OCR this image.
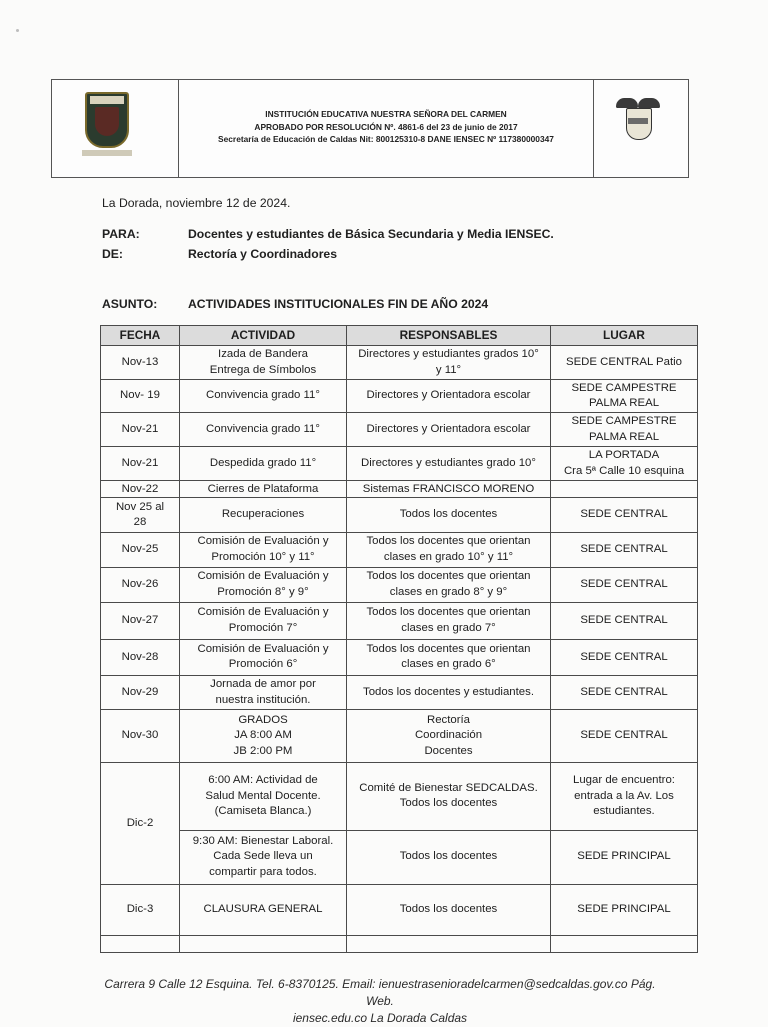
INSTITUCIÓN EDUCATIVA NUESTRA SEÑORA DEL CARMEN
APROBADO POR RESOLUCIÓN Nº. 4861-6 del 23 de junio de 2017
Secretaría de Educación de Caldas Nit: 800125310-8 DANE IENSEC Nº 117380000347
La Dorada, noviembre 12 de 2024.
PARA:	Docentes y estudiantes de Básica Secundaria y Media IENSEC.
DE:	Rectoría y Coordinadores
ASUNTO:	ACTIVIDADES INSTITUCIONALES FIN DE AÑO 2024
FECHA	ACTIVIDAD	RESPONSABLES	LUGAR
Nov-13	Izada de Bandera
Entrega de Símbolos	Directores y estudiantes grados 10°
y 11°	SEDE CENTRAL Patio
Nov- 19	Convivencia grado 11°	Directores y Orientadora escolar	SEDE CAMPESTRE
PALMA REAL
Nov-21	Convivencia grado 11°	Directores y Orientadora escolar	SEDE CAMPESTRE
PALMA REAL
Nov-21	Despedida grado 11°	Directores y estudiantes grado 10°	LA PORTADA
Cra 5ª Calle 10 esquina
Nov-22	Cierres de Plataforma	Sistemas FRANCISCO MORENO	
Nov 25 al
28	Recuperaciones	Todos los docentes	SEDE CENTRAL
Nov-25	Comisión de Evaluación y
Promoción 10° y 11°	Todos los docentes que orientan
clases en grado 10° y 11°	SEDE CENTRAL
Nov-26	Comisión de Evaluación y
Promoción 8° y 9°	Todos los docentes que orientan
clases en grado 8° y 9°	SEDE CENTRAL
Nov-27	Comisión de Evaluación y
Promoción 7°	Todos los docentes que orientan
clases en grado 7°	SEDE CENTRAL
Nov-28	Comisión de Evaluación y
Promoción 6°	Todos los docentes que orientan
clases en grado 6°	SEDE CENTRAL
Nov-29	Jornada de amor por
nuestra institución.	Todos los docentes y estudiantes.	SEDE CENTRAL
Nov-30	GRADOS
JA 8:00 AM
JB 2:00 PM	Rectoría
Coordinación
Docentes	SEDE CENTRAL
Dic-2	6:00 AM: Actividad de
Salud Mental Docente.
(Camiseta Blanca.)	Comité de Bienestar SEDCALDAS.
Todos los docentes	Lugar de encuentro:
entrada a la Av. Los
estudiantes.
	9:30 AM: Bienestar Laboral.
Cada Sede lleva un
compartir para todos.	Todos los docentes	SEDE PRINCIPAL
Dic-3	CLAUSURA GENERAL	Todos los docentes	SEDE PRINCIPAL

Carrera 9 Calle 12 Esquina. Tel. 6-8370125. Email: ienuestrasenioradelcarmen@sedcaldas.gov.co Pág. Web.
iensec.edu.co La Dorada Caldas
